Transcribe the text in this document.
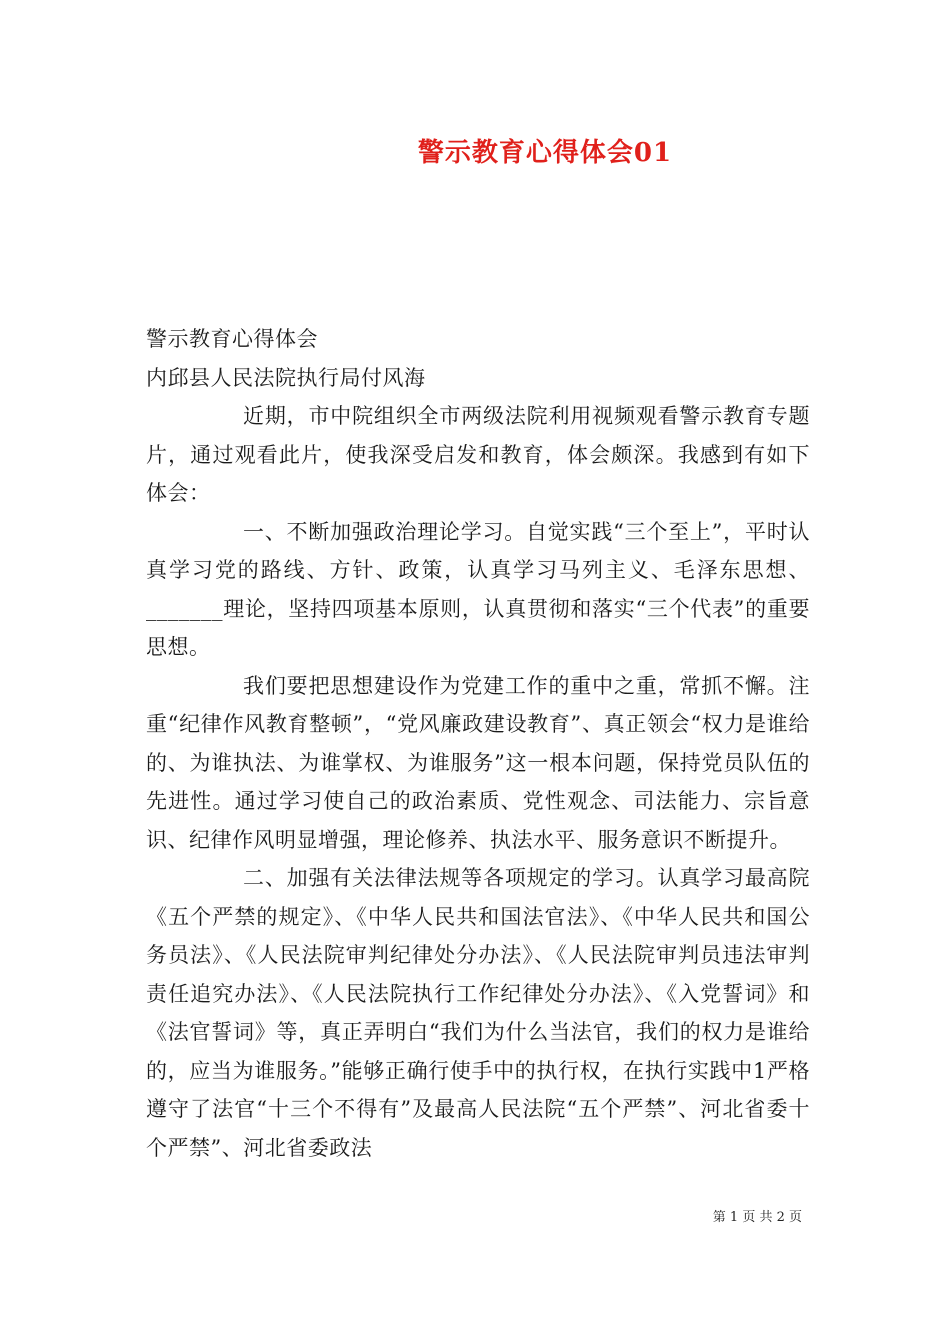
警示教育心得体会01

警示教育心得体会

内邱县人民法院执行局付风海

近期，市中院组织全市两级法院利用视频观看警示教育专题片，通过观看此片，使我深受启发和教育，体会颇深。我感到有如下体会：

一、不断加强政治理论学习。自觉实践“三个至上”，平时认真学习党的路线、方针、政策，认真学习马列主义、毛泽东思想、_______理论，坚持四项基本原则，认真贯彻和落实“三个代表”的重要思想。

我们要把思想建设作为党建工作的重中之重，常抓不懈。注重“纪律作风教育整顿”，“党风廉政建设教育”、真正领会“权力是谁给的、为谁执法、为谁掌权、为谁服务”这一根本问题，保持党员队伍的先进性。通过学习使自己的政治素质、党性观念、司法能力、宗旨意识、纪律作风明显增强，理论修养、执法水平、服务意识不断提升。

二、加强有关法律法规等各项规定的学习。认真学习最高院《五个严禁的规定》、《中华人民共和国法官法》、《中华人民共和国公务员法》、《人民法院审判纪律处分办法》、《人民法院审判员违法审判责任追究办法》、《人民法院执行工作纪律处分办法》、《入党誓词》和《法官誓词》等，真正弄明白“我们为什么当法官，我们的权力是谁给的，应当为谁服务。”能够正确行使手中的执行权，在执行实践中1严格遵守了法官“十三个不得有”及最高人民法院“五个严禁”、河北省委十个严禁”、河北省委政法

第 1 页 共 2 页
